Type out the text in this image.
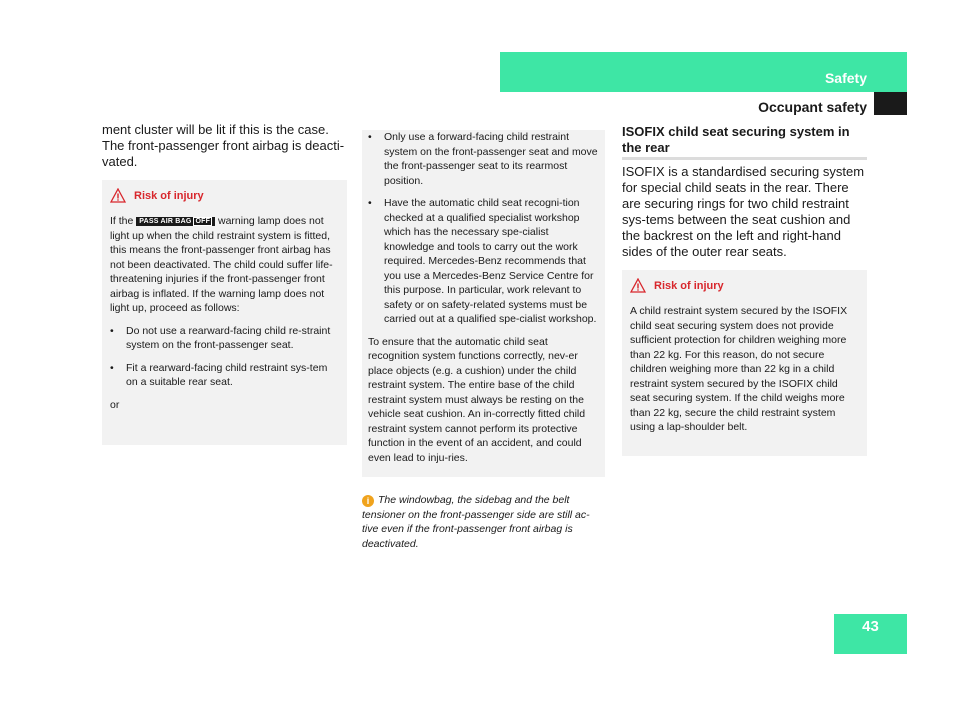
Safety
Occupant safety
ment cluster will be lit if this is the case. The front-passenger front airbag is deacti-vated.
Risk of injury

If the PASS AIR BAG OFF warning lamp does not light up when the child restraint system is fitted, this means the front-passenger front airbag has not been deactivated. The child could suffer life-threatening injuries if the front-passenger front airbag is inflated. If the warning lamp does not light up, proceed as follows:

• Do not use a rearward-facing child re-straint system on the front-passenger seat.
• Fit a rearward-facing child restraint sys-tem on a suitable rear seat.

or

• Only use a forward-facing child restraint system on the front-passenger seat and move the front-passenger seat to its rearmost position.
• Have the automatic child seat recogni-tion checked at a qualified specialist workshop which has the necessary spe-cialist knowledge and tools to carry out the work required. Mercedes-Benz recommends that you use a Mercedes-Benz Service Centre for this purpose. In particular, work relevant to safety or on safety-related systems must be carried out at a qualified spe-cialist workshop.

To ensure that the automatic child seat recognition system functions correctly, nev-er place objects (e.g. a cushion) under the child restraint system. The entire base of the child restraint system must always be resting on the vehicle seat cushion. An in-correctly fitted child restraint system cannot perform its protective function in the event of an accident, and could even lead to inju-ries.

i The windowbag, the sidebag and the belt tensioner on the front-passenger side are still ac-tive even if the front-passenger front airbag is deactivated.

ISOFIX child seat securing system in the rear
ISOFIX is a standardised securing system for special child seats in the rear. There are securing rings for two child restraint sys-tems between the seat cushion and the backrest on the left and right-hand sides of the outer rear seats.
Risk of injury

A child restraint system secured by the ISOFIX child seat securing system does not provide sufficient protection for children weighing more than 22 kg. For this reason, do not secure children weighing more than 22 kg in a child restraint system secured by the ISOFIX child seat securing system. If the child weighs more than 22 kg, secure the child restraint system using a lap-shoulder belt.

43
